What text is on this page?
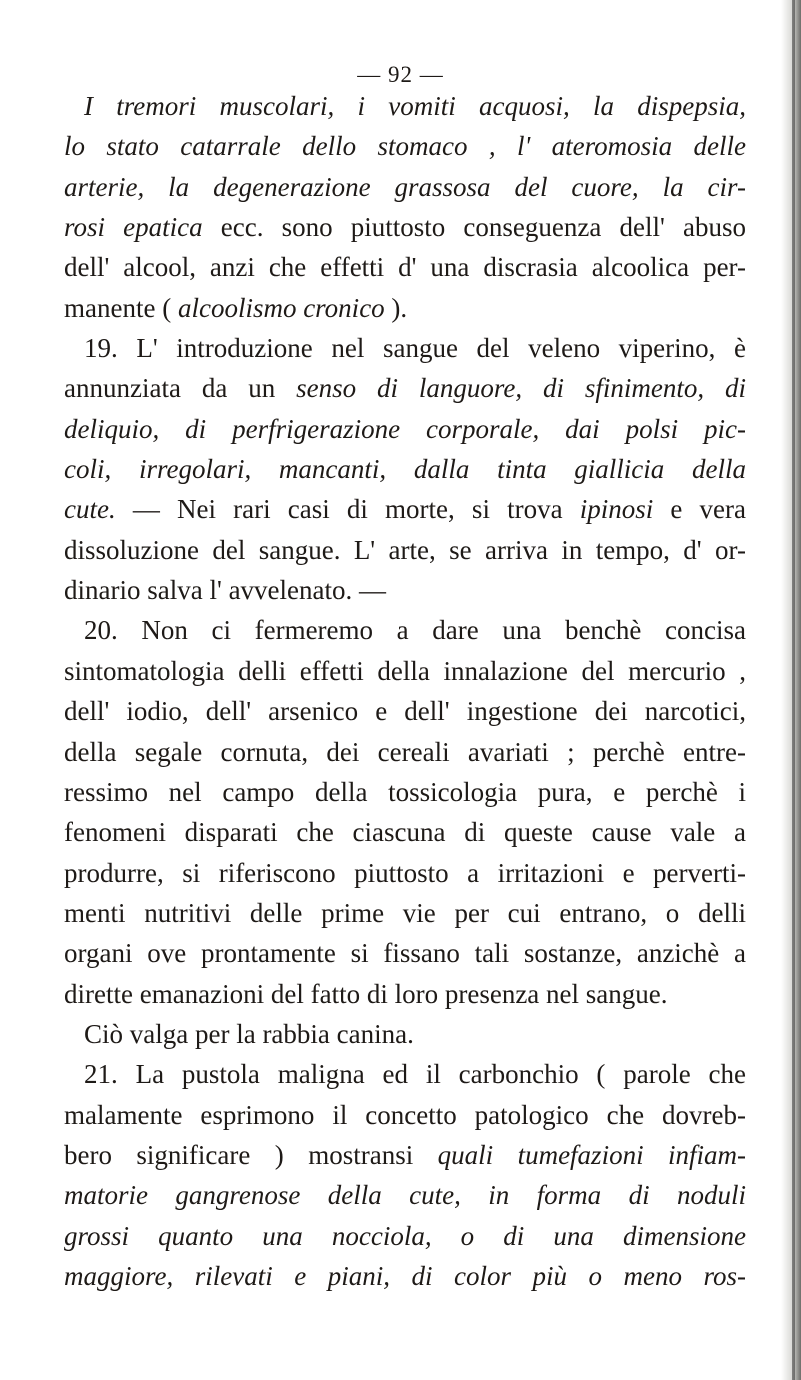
— 92 —
I tremori muscolari, i vomiti acquosi, la dispepsia,
lo stato catarrale dello stomaco , l' ateromosia delle
arterie, la degenerazione grassosa del cuore, la cir-
rosi epatica ecc. sono piuttosto conseguenza dell' abuso
dell' alcool, anzi che effetti d' una discrasia alcoolica per-
manente ( alcoolismo cronico ).
19. L' introduzione nel sangue del veleno viperino, è
annunziata da un senso di languore, di sfinimento, di
deliquio, di perfrigerazione corporale, dai polsi pic-
coli, irregolari, mancanti, dalla tinta giallicia della
cute. — Nei rari casi di morte, si trova ipinosi e vera
dissoluzione del sangue. L' arte, se arriva in tempo, d' or-
dinario salva l' avvelenato. —
20. Non ci fermeremo a dare una benchè concisa
sintomatologia delli effetti della innalazione del mercurio ,
dell' iodio, dell' arsenico e dell' ingestione dei narcotici,
della segale cornuta, dei cereali avariati ; perchè entre-
ressimo nel campo della tossicologia pura, e perchè i
fenomeni disparati che ciascuna di queste cause vale a
produrre, si riferiscono piuttosto a irritazioni e perverti-
menti nutritivi delle prime vie per cui entrano, o delli
organi ove prontamente si fissano tali sostanze, anzichè a
dirette emanazioni del fatto di loro presenza nel sangue.
Ciò valga per la rabbia canina.
21. La pustola maligna ed il carbonchio ( parole che
malamente esprimono il concetto patologico che dovreb-
bero significare ) mostransi quali tumefazioni infiam-
matorie gangrenose della cute, in forma di noduli
grossi quanto una nocciola, o di una dimensione
maggiore, rilevati e piani, di color più o meno ros-
